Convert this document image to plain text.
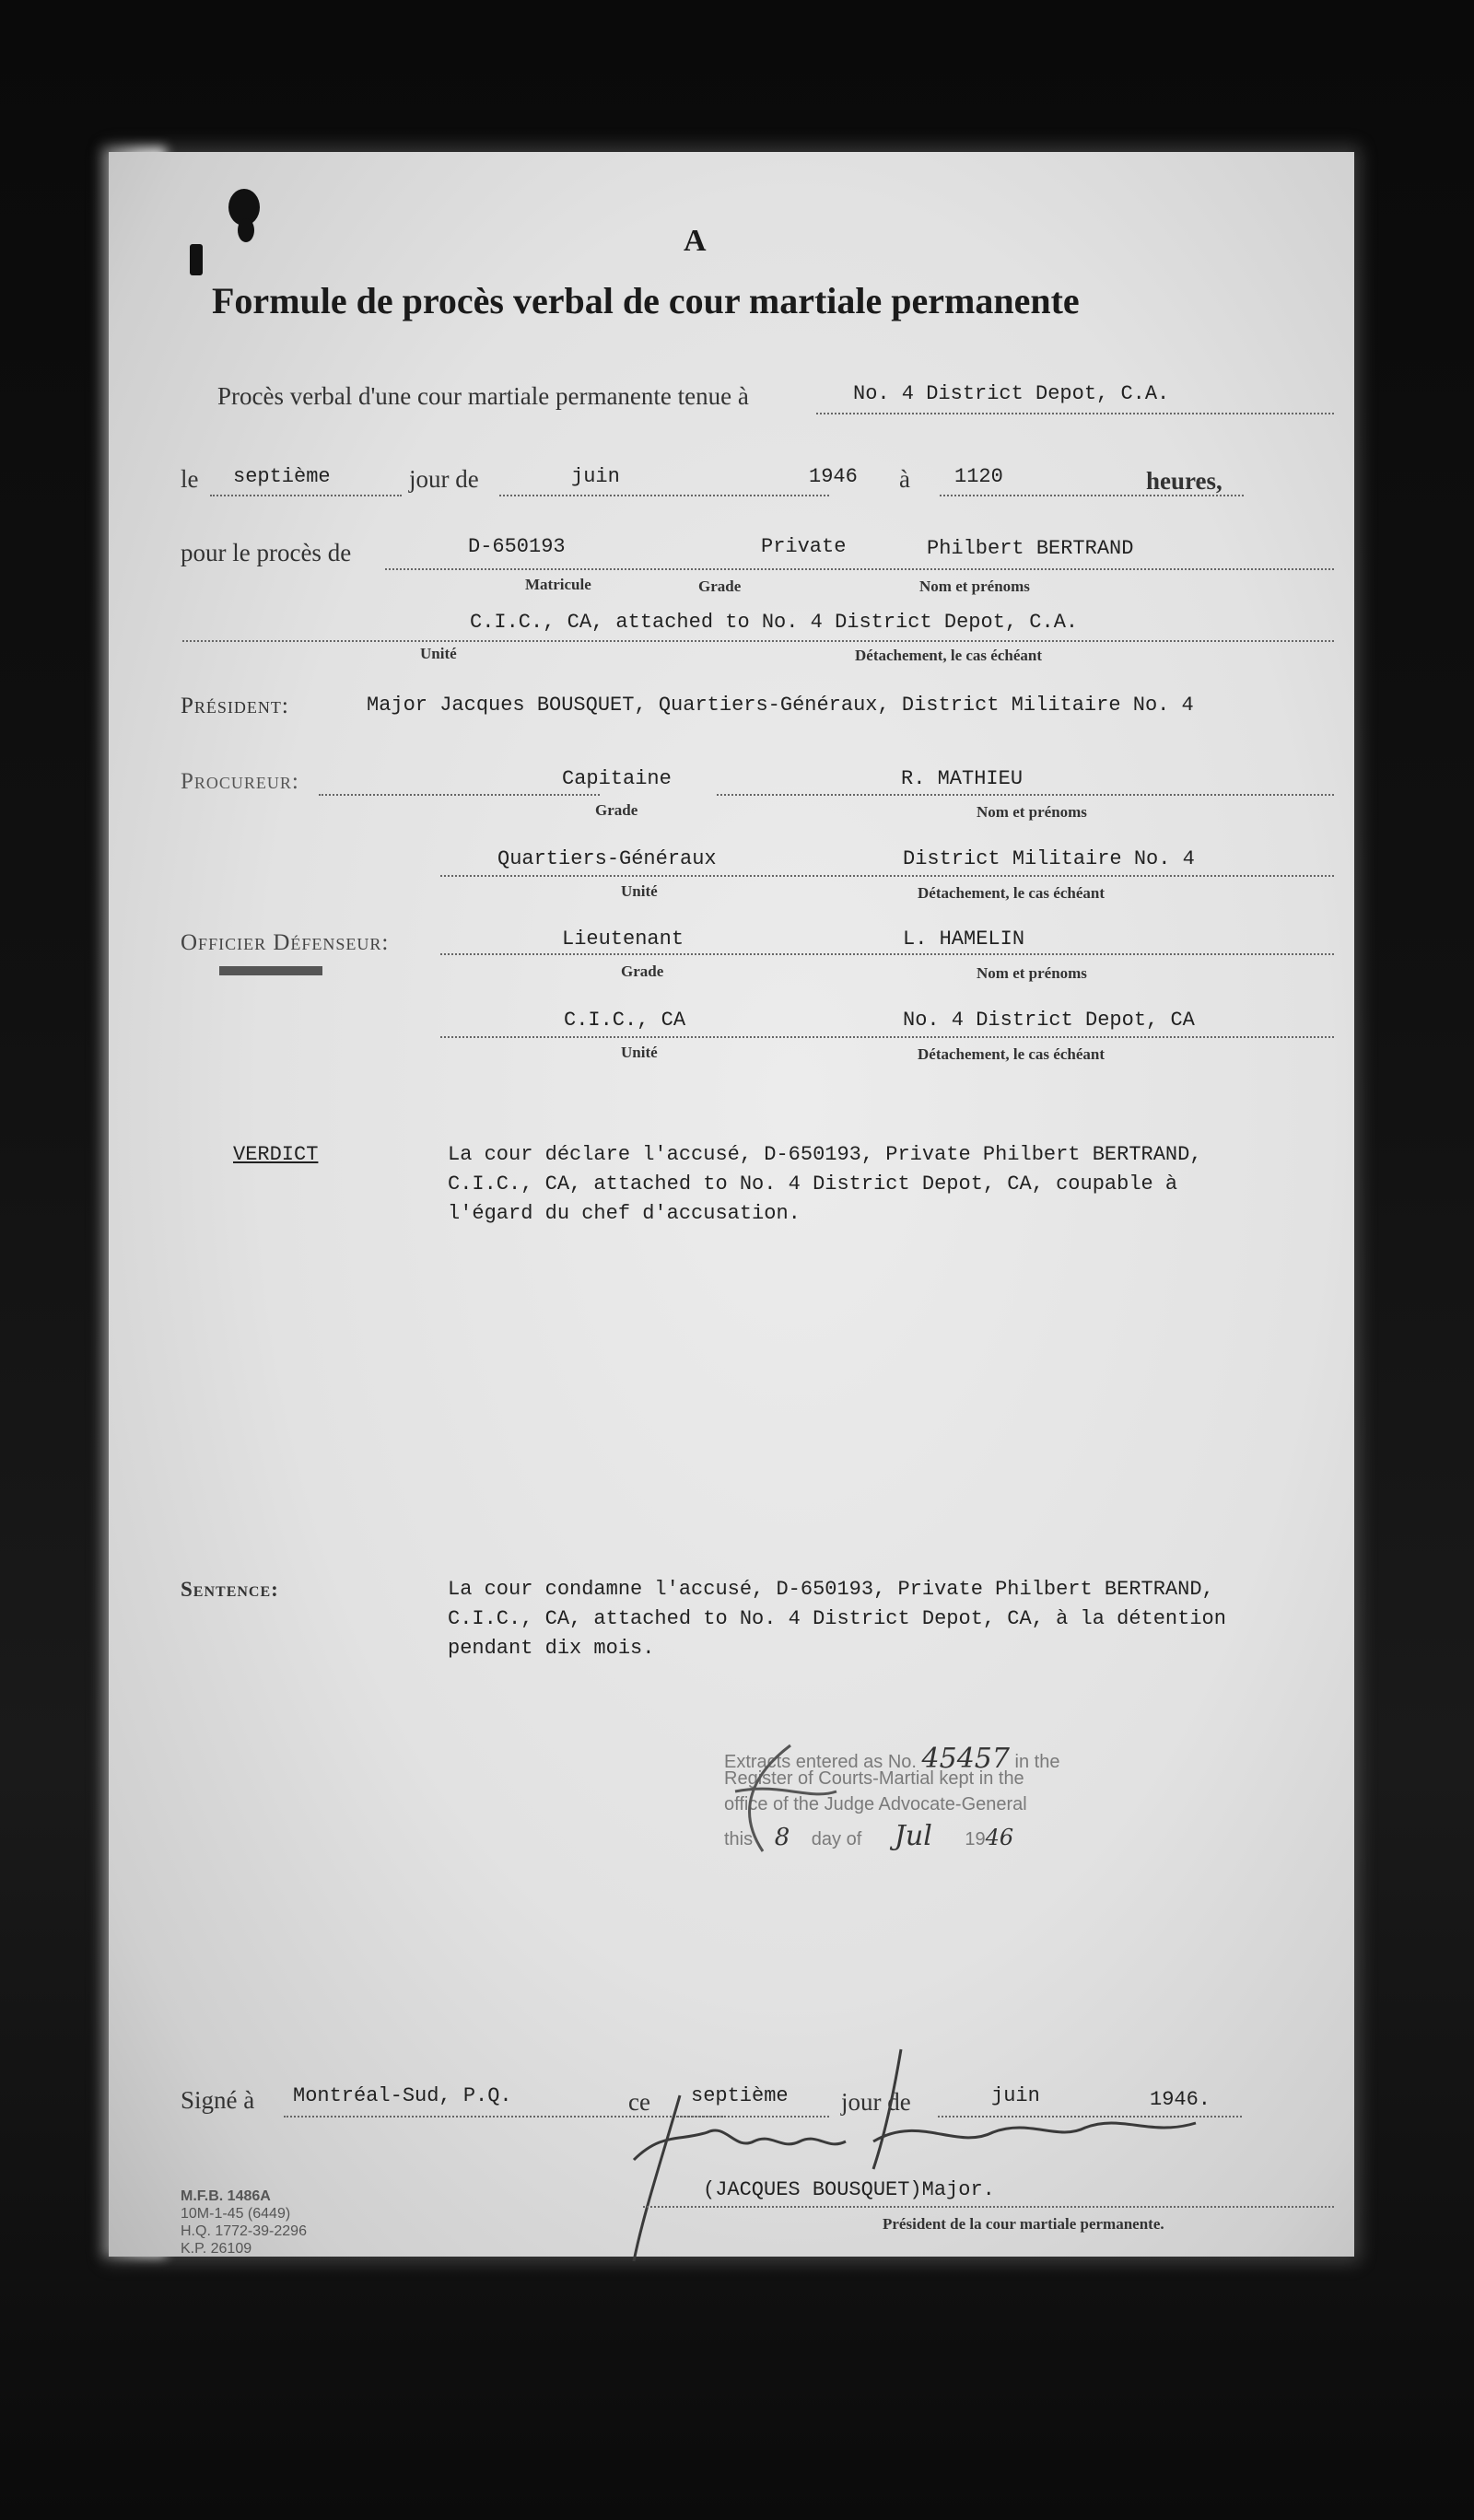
A
Formule de procès verbal de cour martiale permanente
Procès verbal d'une cour martiale permanente tenue à	No. 4 District Depot, C.A.
le septième	jour de	juin	1946 à 1120	heures,
pour le procès de	D-650193	Private	Philbert BERTRAND
Matricule	Grade	Nom et prénoms
C.I.C., CA, attached to No. 4 District Depot, C.A.
Unité	Détachement, le cas échéant
Président:	Major Jacques BOUSQUET, Quartiers-Généraux, District Militaire No. 4
Procureur:	Capitaine	R. MATHIEU
Grade	Nom et prénoms
Quartiers-Généraux	District Militaire No. 4
Unité	Détachement, le cas échéant
Officier Défenseur:	Lieutenant	L. HAMELIN
Grade	Nom et prénoms
C.I.C., CA	No. 4 District Depot, CA
Unité	Détachement, le cas échéant
VERDICT	La cour déclare l'accusé, D-650193, Private Philbert BERTRAND,
C.I.C., CA, attached to No. 4 District Depot, CA, coupable à
l'égard du chef d'accusation.
Sentence:	La cour condamne l'accusé, D-650193, Private Philbert BERTRAND,
C.I.C., CA, attached to No. 4 District Depot, CA, à la détention
pendant dix mois.
Extracts entered as No. 45457 in the
Register of Courts-Martial kept in the
office of the Judge Advocate-General
this 8 day of Jul 1946
Signé à Montréal-Sud, P.Q.	ce septième jour de	juin	1946.
(JACQUES BOUSQUET)Major.
Président de la cour martiale permanente.
M.F.B. 1486A
10M-1-45 (6449)
H.Q. 1772-39-2296
K.P. 26109
